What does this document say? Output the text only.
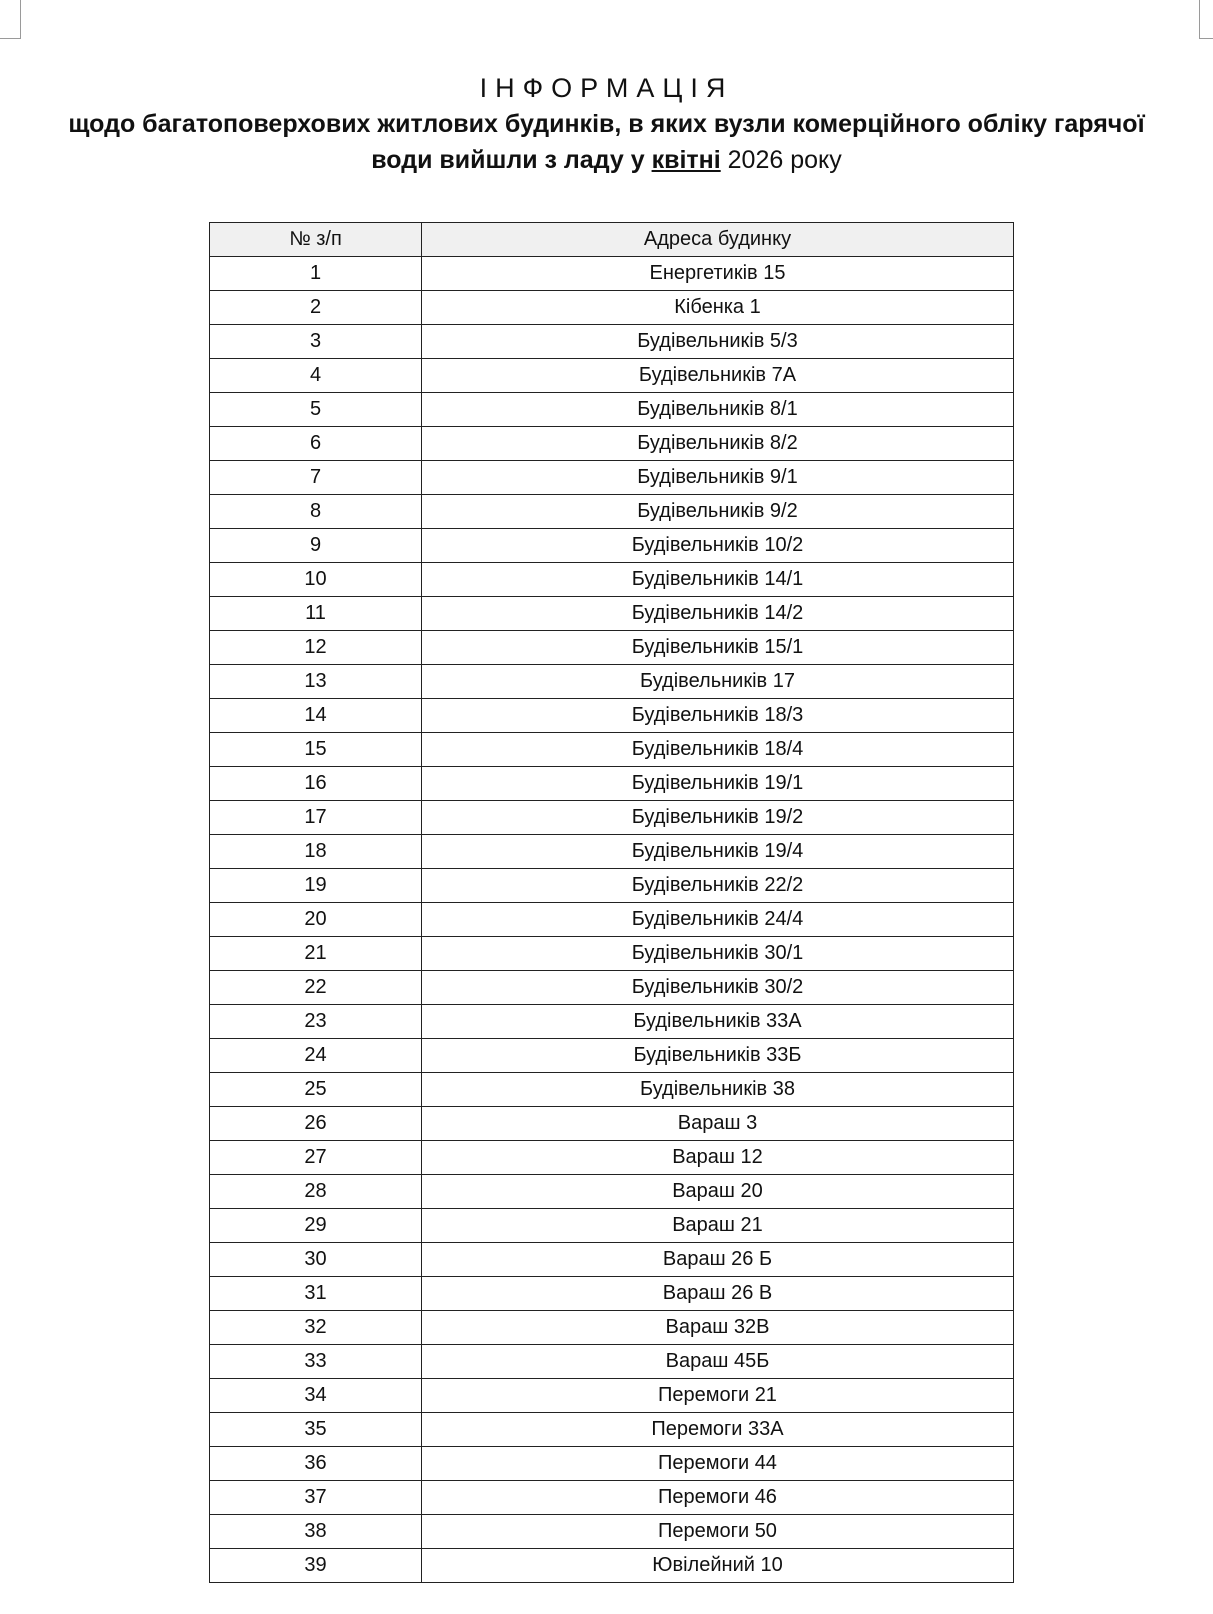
ІНФОРМАЦІЯ

щодо багатоповерхових житлових будинків, в яких вузли комерційного обліку гарячої

води вийшли з ладу у квітні 2026 року

№ з/п	Адреса будинку
1	Енергетиків 15
2	Кібенка 1
3	Будівельників 5/3
4	Будівельників 7А
5	Будівельників 8/1
6	Будівельників 8/2
7	Будівельників 9/1
8	Будівельників 9/2
9	Будівельників 10/2
10	Будівельників 14/1
11	Будівельників 14/2
12	Будівельників 15/1
13	Будівельників 17
14	Будівельників 18/3
15	Будівельників 18/4
16	Будівельників 19/1
17	Будівельників 19/2
18	Будівельників 19/4
19	Будівельників 22/2
20	Будівельників 24/4
21	Будівельників 30/1
22	Будівельників 30/2
23	Будівельників 33А
24	Будівельників 33Б
25	Будівельників 38
26	Вараш 3
27	Вараш 12
28	Вараш 20
29	Вараш 21
30	Вараш 26 Б
31	Вараш 26 В
32	Вараш 32В
33	Вараш 45Б
34	Перемоги 21
35	Перемоги 33А
36	Перемоги 44
37	Перемоги 46
38	Перемоги 50
39	Ювілейний 10
